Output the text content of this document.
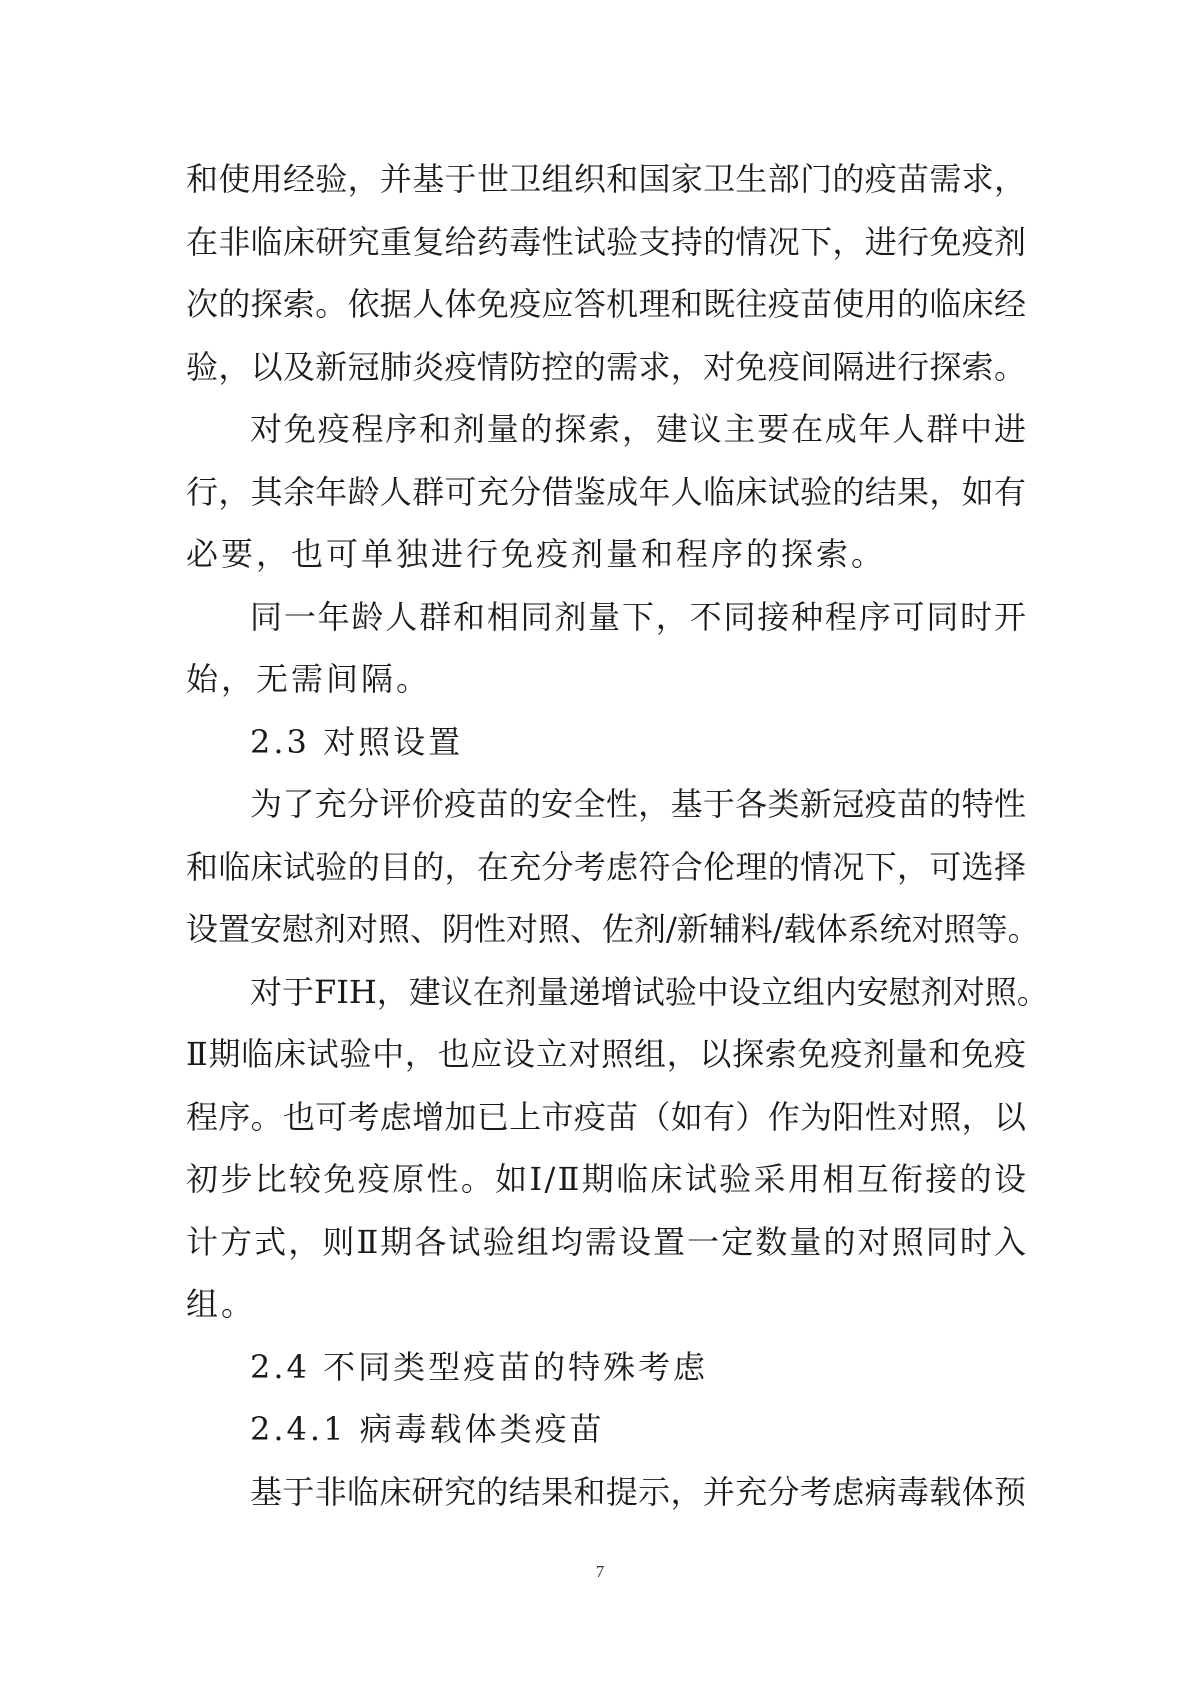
和使用经验，并基于世卫组织和国家卫生部门的疫苗需求，
在非临床研究重复给药毒性试验支持的情况下，进行免疫剂
次的探索。依据人体免疫应答机理和既往疫苗使用的临床经
验，以及新冠肺炎疫情防控的需求，对免疫间隔进行探索。
对免疫程序和剂量的探索，建议主要在成年人群中进
行，其余年龄人群可充分借鉴成年人临床试验的结果，如有
必要，也可单独进行免疫剂量和程序的探索。
同一年龄人群和相同剂量下，不同接种程序可同时开
始，无需间隔。
2.3 对照设置
为了充分评价疫苗的安全性，基于各类新冠疫苗的特性
和临床试验的目的，在充分考虑符合伦理的情况下，可选择
设置安慰剂对照、阴性对照、佐剂/新辅料/载体系统对照等。
对于FIH，建议在剂量递增试验中设立组内安慰剂对照。
Ⅱ期临床试验中，也应设立对照组，以探索免疫剂量和免疫
程序。也可考虑增加已上市疫苗（如有）作为阳性对照，以
初步比较免疫原性。如Ⅰ/Ⅱ期临床试验采用相互衔接的设
计方式，则Ⅱ期各试验组均需设置一定数量的对照同时入
组。
2.4 不同类型疫苗的特殊考虑
2.4.1 病毒载体类疫苗
基于非临床研究的结果和提示，并充分考虑病毒载体预
7
